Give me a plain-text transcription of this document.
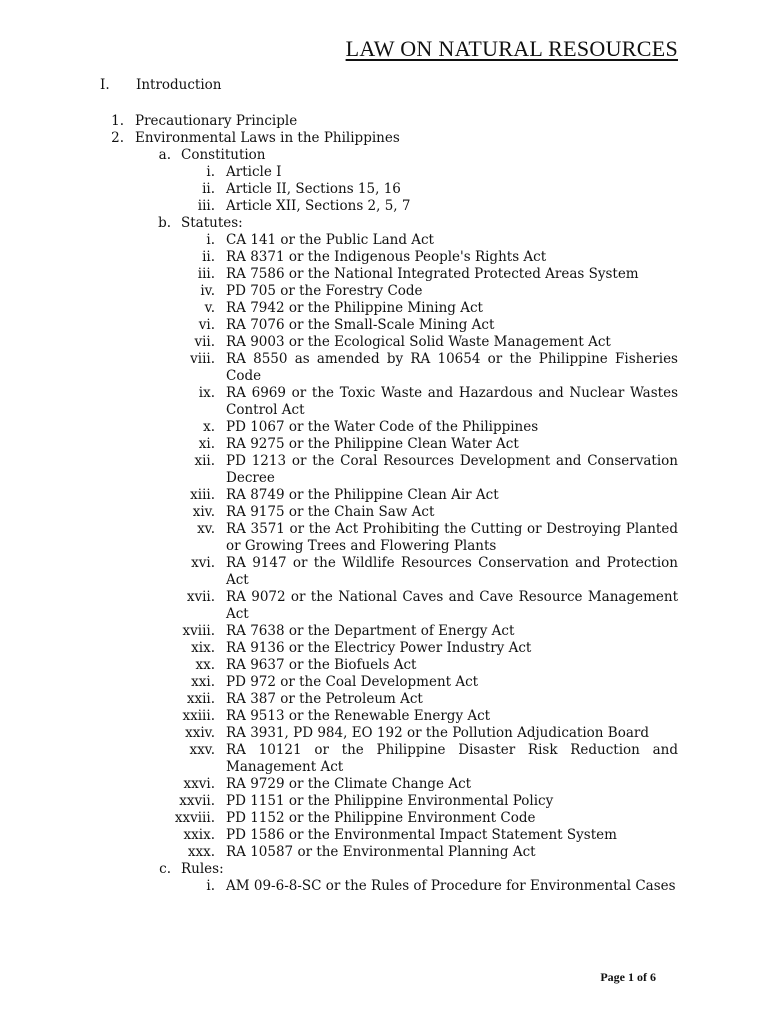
LAW ON NATURAL RESOURCES
I. Introduction
1. Precautionary Principle
2. Environmental Laws in the Philippines
a. Constitution
i. Article I
ii. Article II, Sections 15, 16
iii. Article XII, Sections 2, 5, 7
b. Statutes:
i. CA 141 or the Public Land Act
ii. RA 8371 or the Indigenous People's Rights Act
iii. RA 7586 or the National Integrated Protected Areas System
iv. PD 705 or the Forestry Code
v. RA 7942 or the Philippine Mining Act
vi. RA 7076 or the Small-Scale Mining Act
vii. RA 9003 or the Ecological Solid Waste Management Act
viii. RA 8550 as amended by RA 10654 or the Philippine Fisheries Code
ix. RA 6969 or the Toxic Waste and Hazardous and Nuclear Wastes Control Act
x. PD 1067 or the Water Code of the Philippines
xi. RA 9275 or the Philippine Clean Water Act
xii. PD 1213 or the Coral Resources Development and Conservation Decree
xiii. RA 8749 or the Philippine Clean Air Act
xiv. RA 9175 or the Chain Saw Act
xv. RA 3571 or the Act Prohibiting the Cutting or Destroying Planted or Growing Trees and Flowering Plants
xvi. RA 9147 or the Wildlife Resources Conservation and Protection Act
xvii. RA 9072 or the National Caves and Cave Resource Management Act
xviii. RA 7638 or the Department of Energy Act
xix. RA 9136 or the Electricy Power Industry Act
xx. RA 9637 or the Biofuels Act
xxi. PD 972 or the Coal Development Act
xxii. RA 387 or the Petroleum Act
xxiii. RA 9513 or the Renewable Energy Act
xxiv. RA 3931, PD 984, EO 192 or the Pollution Adjudication Board
xxv. RA 10121 or the Philippine Disaster Risk Reduction and Management Act
xxvi. RA 9729 or the Climate Change Act
xxvii. PD 1151 or the Philippine Environmental Policy
xxviii. PD 1152 or the Philippine Environment Code
xxix. PD 1586 or the Environmental Impact Statement System
xxx. RA 10587 or the Environmental Planning Act
c. Rules:
i. AM 09-6-8-SC or the Rules of Procedure for Environmental Cases
Page 1 of 6
